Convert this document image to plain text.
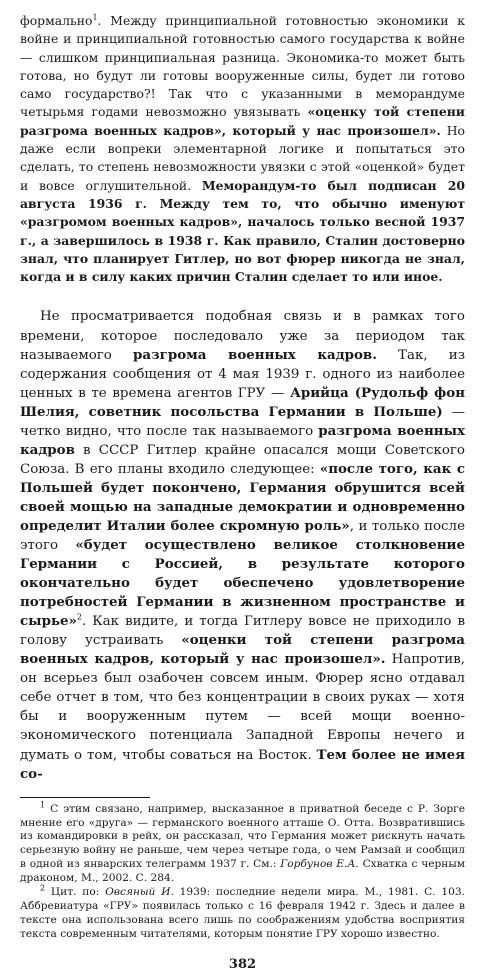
формально$^1$. Между принципиальной готовностью экономики к войне и принципиальной готовностью самого государства к войне — слишком принципиальная разница. Экономика-то может быть готова, но будут ли готовы вооруженные силы, будет ли готово само государство?! Так что с указанными в меморандуме четырьмя годами невозможно увязывать «оценку той степени разгрома военных кадров», который у нас произошел». Но даже если вопреки элементарной логике и попытаться это сделать, то степень невозможности увязки с этой «оценкой» будет и вовсе оглушительной. Меморандум-то был подписан 20 августа 1936 г. Между тем то, что обычно именуют «разгромом военных кадров», началось только весной 1937 г., а завершилось в 1938 г. Как правило, Сталин достоверно знал, что планирует Гитлер, но вот фюрер никогда не знал, когда и в силу каких причин Сталин сделает то или иное.

Не просматривается подобная связь и в рамках того времени, которое последовало уже за периодом так называемого разгрома военных кадров. Так, из содержания сообщения от 4 мая 1939 г. одного из наиболее ценных в те времена агентов ГРУ — Арийца (Рудольф фон Шелия, советник посольства Германии в Польше) — четко видно, что после так называемого разгрома военных кадров в СССР Гитлер крайне опасался мощи Советского Союза. В его планы входило следующее: «после того, как с Польшей будет покончено, Германия обрушится всей своей мощью на западные демократии и одновременно определит Италии более скромную роль», и только после этого «будет осуществлено великое столкновение Германии с Россией, в результате которого окончательно будет обеспечено удовлетворение потребностей Германии в жизненном пространстве и сырье»$^2$. Как видите, и тогда Гитлеру вовсе не приходило в голову устраивать «оценки той степени разгрома военных кадров, который у нас произошел». Напротив, он всерьез был озабочен совсем иным. Фюрер ясно отдавал себе отчет в том, что без концентрации в своих руках — хотя бы и вооруженным путем — всей мощи военно-экономического потенциала Западной Европы нечего и думать о том, чтобы соваться на Восток. Тем более не имея со-

$^1$ С этим связано, например, высказанное в приватной беседе с Р. Зорге мнение его «друга» — германского военного атташе О. Отта. Возвратившись из командировки в рейх, он рассказал, что Германия может рискнуть начать серьезную войну не раньше, чем через четыре года, о чем Рамзай и сообщил в одной из январских телеграмм 1937 г. См.: Горбунов Е.А. Схватка с черным драконом, М., 2002. С. 284.

$^2$ Цит. по: Овсяный И. 1939: последние недели мира. М., 1981. С. 103. Аббревиатура «ГРУ» появилась только с 16 февраля 1942 г. Здесь и далее в тексте она использована всего лишь по соображениям удобства восприятия текста современным читателями, которым понятие ГРУ хорошо известно.

382
